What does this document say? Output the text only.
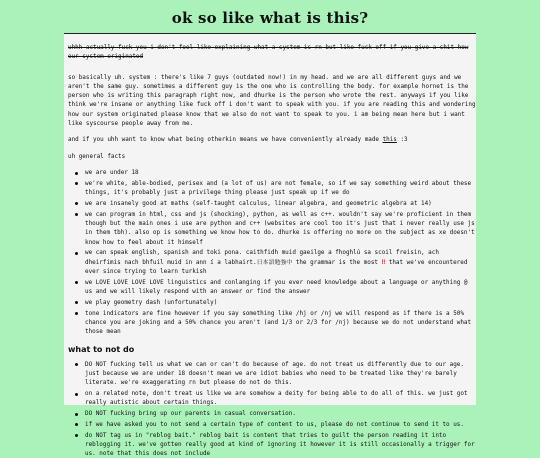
ok so like what is this?

uhhh actually fuck you i don't feel like explaining what a system is rn but like fuck off if you give a shit how our system originated

so basically uh. system : there's like 7 guys (outdated now!) in my head. and we are all different guys and we aren't the same guy. sometimes a different guy is the one who is controlling the body. for example hornet is the person who is writing this paragraph right now, and dhurke is the person who wrote the rest. anyways if you like think we're insane or anything like fuck off i don't want to speak with you. if you are reading this and wondering how our system originated please know that we also do not want to speak to you. i am being mean here but i want like syscourse people away from me.

and if you uhh want to know what being otherkin means we have conveniently already made this :3

uh general facts

we are under 18
we're white, able-bodied, perisex and (a lot of us) are not female, so if we say something weird about these things, it's probably just a privilege thing please just speak up if we do
we are insanely good at maths (self-taught calculus, linear algebra, and geometric algebra at 14)
we can program in html, css and js (shocking), python, as well as c++. wouldn't say we're proficient in them though but the main ones i use are python and c++ (websites are cool too it's just that i never really use js in them tbh). also op is something we know how to do. dhurke is offering no more on the subject as xe doesn't know how to feel about it himself
we can speak english, spanish and toki pona. caithfidh muid gaeilge a fhoghlú sa scoil freisin, ach dheirfimis nach bhfuil muid in ann í a labhairt.日本語勉強中 the grammar is the most ‼ that we've encountered ever since trying to learn turkish
we LOVE LOVE LOVE LOVE linguistics and conlanging if you ever need knowledge about a language or anything @ us and we will likely respond with an answer or find the answer
we play geometry dash (unfortunately)
tone indicators are fine however if you say something like /hj or /nj we will respond as if there is a 50% chance you are joking and a 50% chance you aren't (and 1/3 or 2/3 for /nj) because we do not understand what those mean
what to not do
DO NOT fucking tell us what we can or can't do because of age. do not treat us differently due to our age. just because we are under 18 doesn't mean we are idiot babies who need to be treated like they're barely literate. we're exaggerating rn but please do not do this.
on a related note, don't treat us like we are somehow a deity for being able to do all of this. we just got really autistic about certain things.
DO NOT fucking bring up our parents in casual conversation.
if we have asked you to not send a certain type of content to us, please do not continue to send it to us.
do NOT tag us in "reblog bait." reblog bait is content that tries to guilt the person reading it into reblogging it. we've gotten really good at kind of ignoring it however it is still occasionally a trigger for us. note that this does not include
